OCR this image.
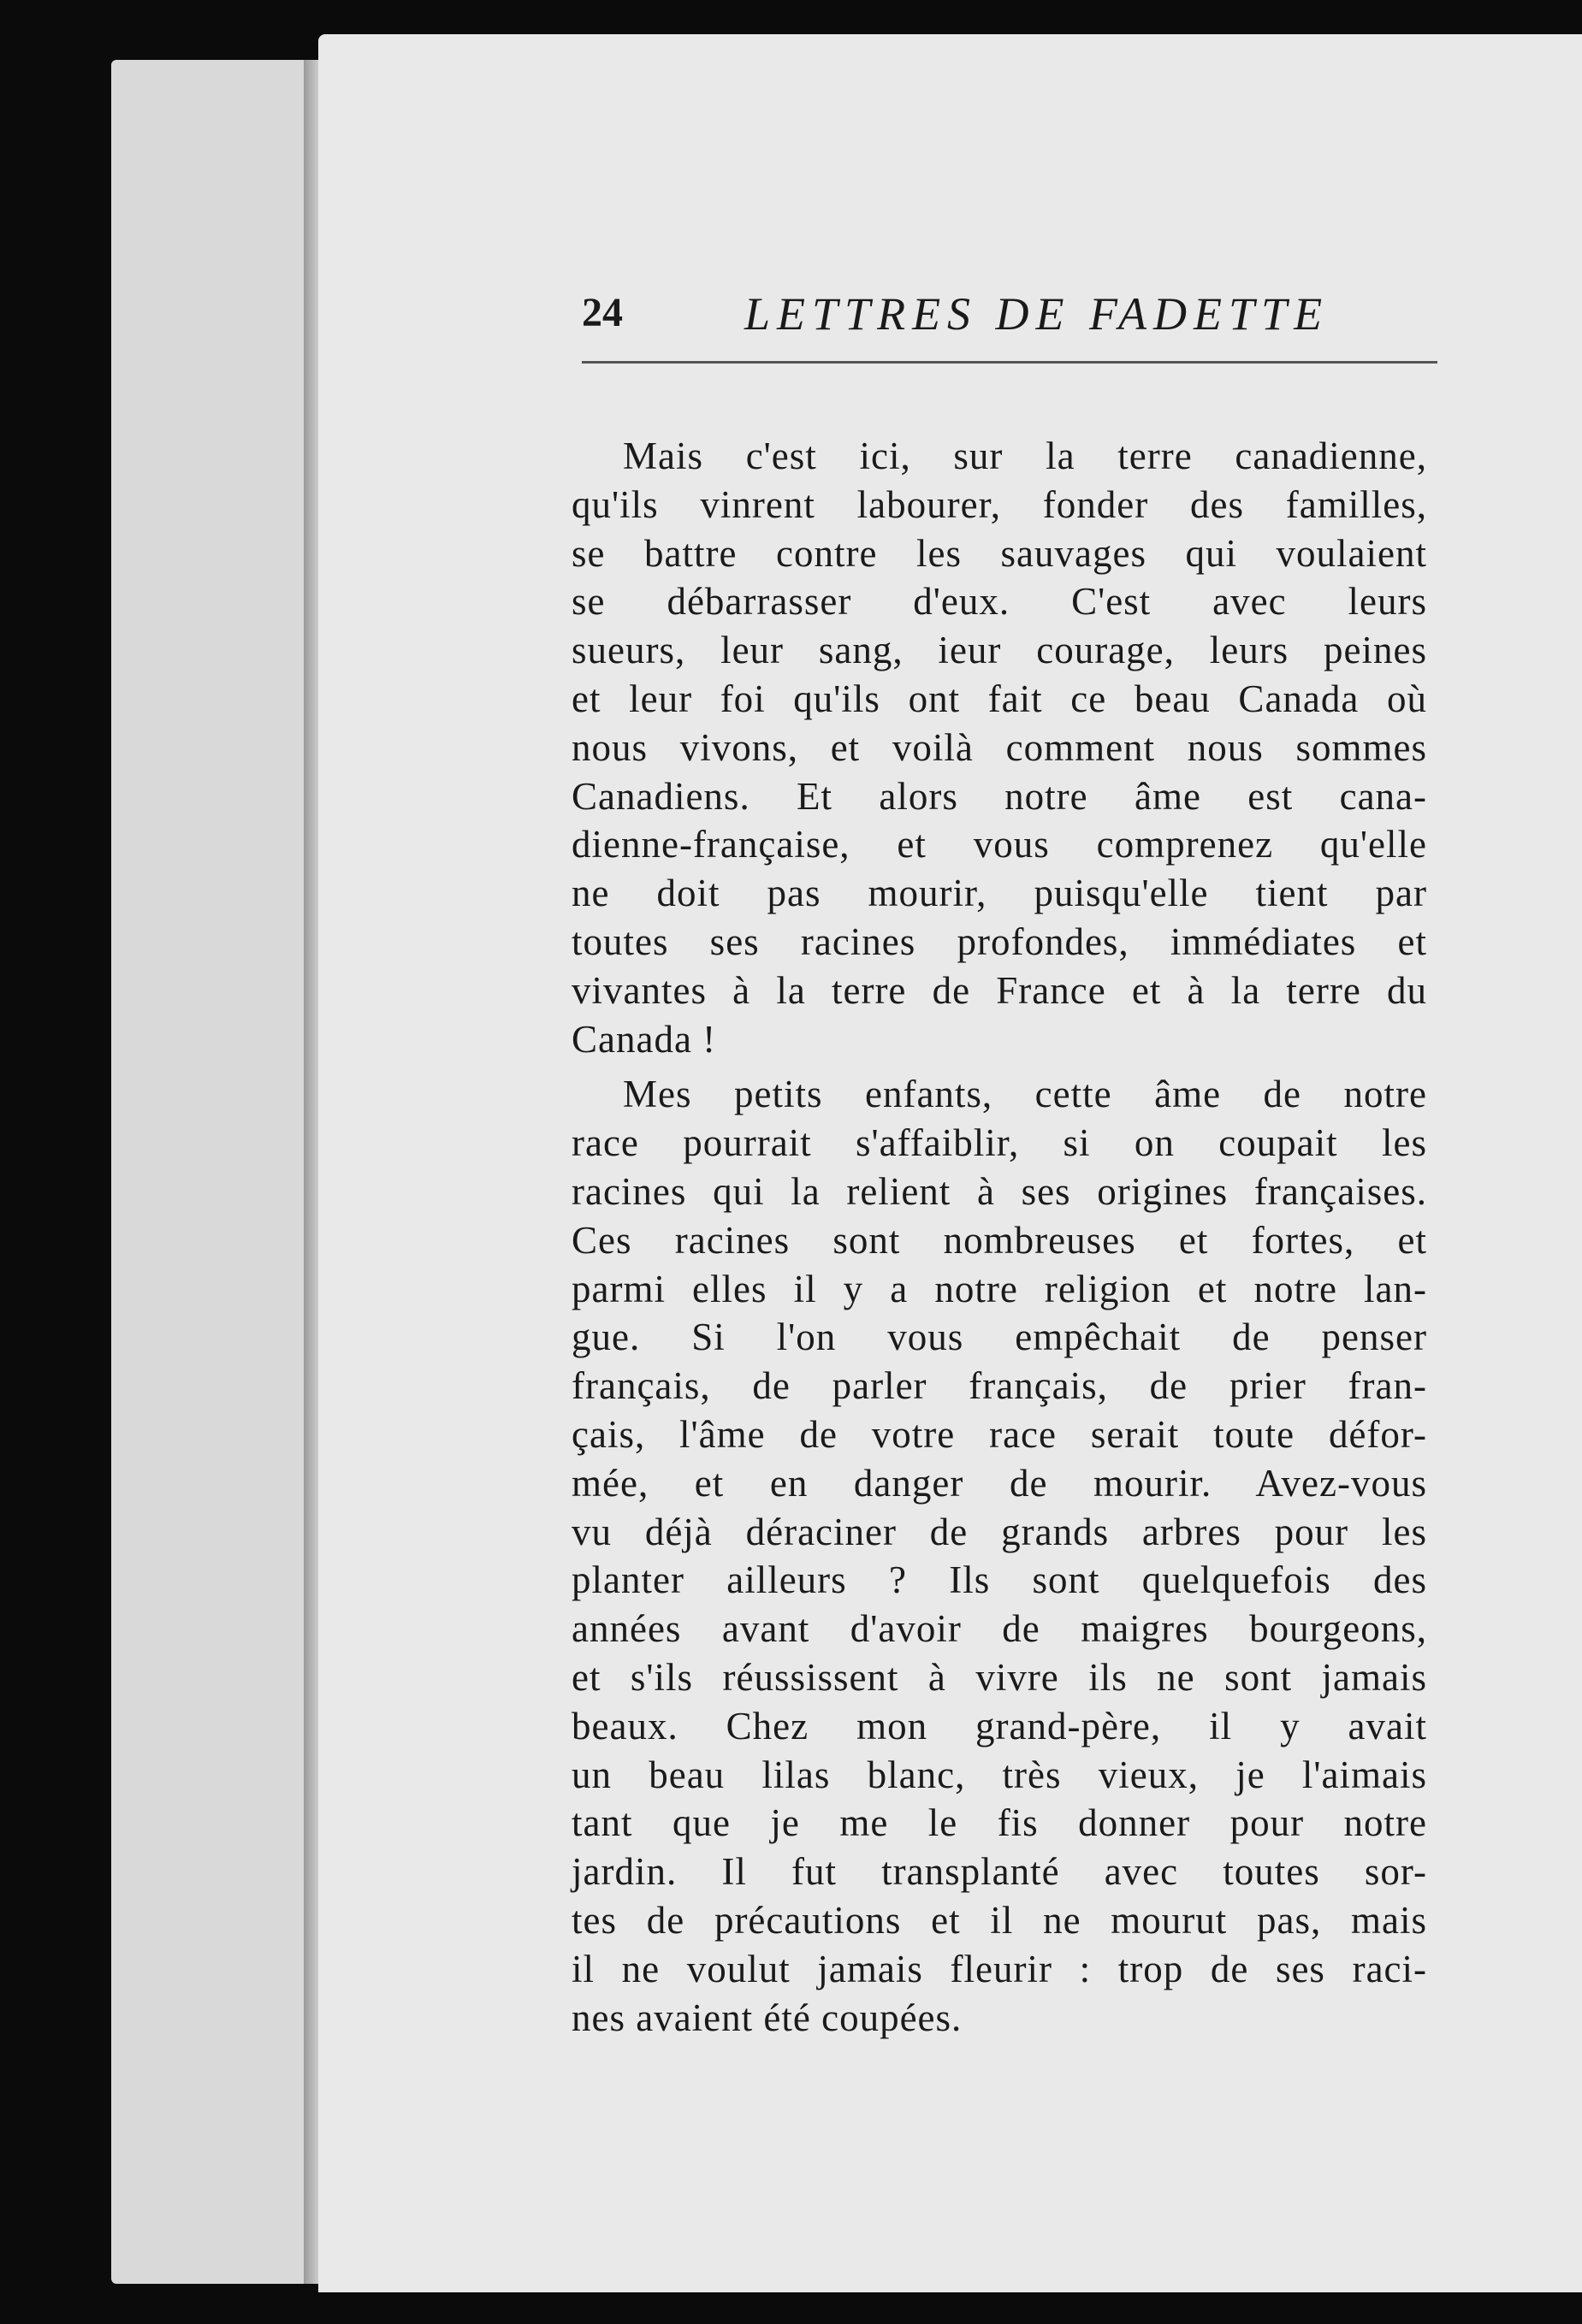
24	LETTRES DE FADETTE
Mais c'est ici, sur la terre canadienne,
qu'ils vinrent labourer, fonder des familles,
se battre contre les sauvages qui voulaient
se débarrasser d'eux. C'est avec leurs
sueurs, leur sang, ieur courage, leurs peines
et leur foi qu'ils ont fait ce beau Canada où
nous vivons, et voilà comment nous sommes
Canadiens. Et alors notre âme est cana-
dienne-française, et vous comprenez qu'elle
ne doit pas mourir, puisqu'elle tient par
toutes ses racines profondes, immédiates et
vivantes à la terre de France et à la terre du
Canada !
Mes petits enfants, cette âme de notre
race pourrait s'affaiblir, si on coupait les
racines qui la relient à ses origines françaises.
Ces racines sont nombreuses et fortes, et
parmi elles il y a notre religion et notre lan-
gue. Si l'on vous empêchait de penser
français, de parler français, de prier fran-
çais, l'âme de votre race serait toute défor-
mée, et en danger de mourir. Avez-vous
vu déjà déraciner de grands arbres pour les
planter ailleurs ? Ils sont quelquefois des
années avant d'avoir de maigres bourgeons,
et s'ils réussissent à vivre ils ne sont jamais
beaux. Chez mon grand-père, il y avait
un beau lilas blanc, très vieux, je l'aimais
tant que je me le fis donner pour notre
jardin. Il fut transplanté avec toutes sor-
tes de précautions et il ne mourut pas, mais
il ne voulut jamais fleurir : trop de ses raci-
nes avaient été coupées.
